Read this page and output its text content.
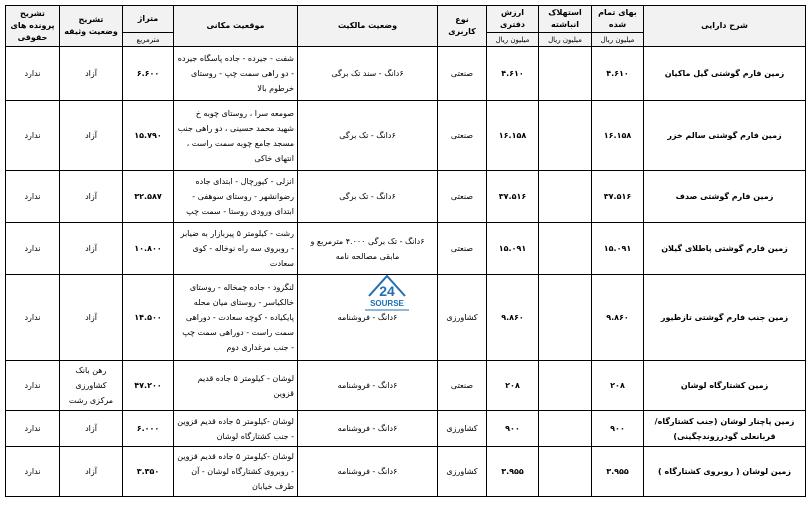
شرح دارایی	بهای تمام شده	استهلاک انباشته	ارزش دفتری	نوع کاربری	وضعیت مالکیت	موقعیت مکانی	متراژ	تشریح وضعیت وثیقه	تشریح پرونده های حقوقی
	میلیون ریال	میلیون ریال	میلیون ریال				مترمربع		
زمین فارم گوشتی گیل ماکیان	۴.۶۱۰		۴.۶۱۰	صنعتی	۶دانگ - سند تک برگی	شفت - جیرده - جاده پاسگاه جیرده - دو راهی سمت چپ - روستای خرطوم بالا	۶.۶۰۰	آزاد	ندارد
زمین فارم گوشتی سالم خزر	۱۶.۱۵۸		۱۶.۱۵۸	صنعتی	۶دانگ - تک برگی	صومعه سرا ، روستای چوبه خ شهید محمد حسینی ، دو راهی جنب مسجد جامع چوبه سمت راست ، انتهای خاکی	۱۵.۷۹۰	آزاد	ندارد
زمین فارم گوشتی صدف	۳۷.۵۱۶		۳۷.۵۱۶	صنعتی	۶دانگ - تک برگی	انزلی - کیورچال - ابتدای جاده رضوانشهر - روستای سوهفی - ابتدای ورودی روستا - سمت چپ	۳۲.۵۸۷	آزاد	ندارد
زمین فارم گوشتی پاطلای گیلان	۱۵.۰۹۱		۱۵.۰۹۱	صنعتی	۶دانگ - تک برگی ۴.۰۰۰ مترمربع و مابقی مصالحه نامه	رشت - کیلومتر ۵ پیربازار به ضیابر - روبروی سه راه نوخاله - کوی سعادت	۱۰.۸۰۰	آزاد	ندارد
زمین جنب فارم گوشتی تازطیور	۹.۸۶۰		۹.۸۶۰	کشاورزی	۶دانگ - فروشنامه	لنگرود - جاده چمخاله - روستای خالکیاسر - روستای میان محله پایکیاده - کوچه سعادت - دوراهی سمت راست - دوراهی سمت چپ - جنب مرغداری دوم	۱۴.۵۰۰	آزاد	ندارد
زمین کشتارگاه لوشان	۲۰۸		۲۰۸	صنعتی	۶دانگ - فروشنامه	لوشان - کیلومتر ۵ جاده قدیم قزوین	۴۷.۲۰۰	رهن بانک کشاورزی مرکزی رشت	ندارد
زمین پاچنار لوشان (جنب کشتارگاه/قربانعلی گودرزوندچگینی)	۹۰۰		۹۰۰	کشاورزی	۶دانگ - فروشنامه	لوشان -کیلومتر ۵ جاده قدیم قزوین - جنب کشتارگاه لوشان	۶.۰۰۰	آزاد	ندارد
زمین لوشان ( روبروی کشتارگاه )	۳.۹۵۵		۳.۹۵۵	کشاورزی	۶دانگ - فروشنامه	لوشان -کیلومتر ۵ جاده قدیم قزوین - روبروی کشتارگاه لوشان - آن طرف خیابان	۳.۳۵۰	آزاد	ندارد
24
SOURSE
